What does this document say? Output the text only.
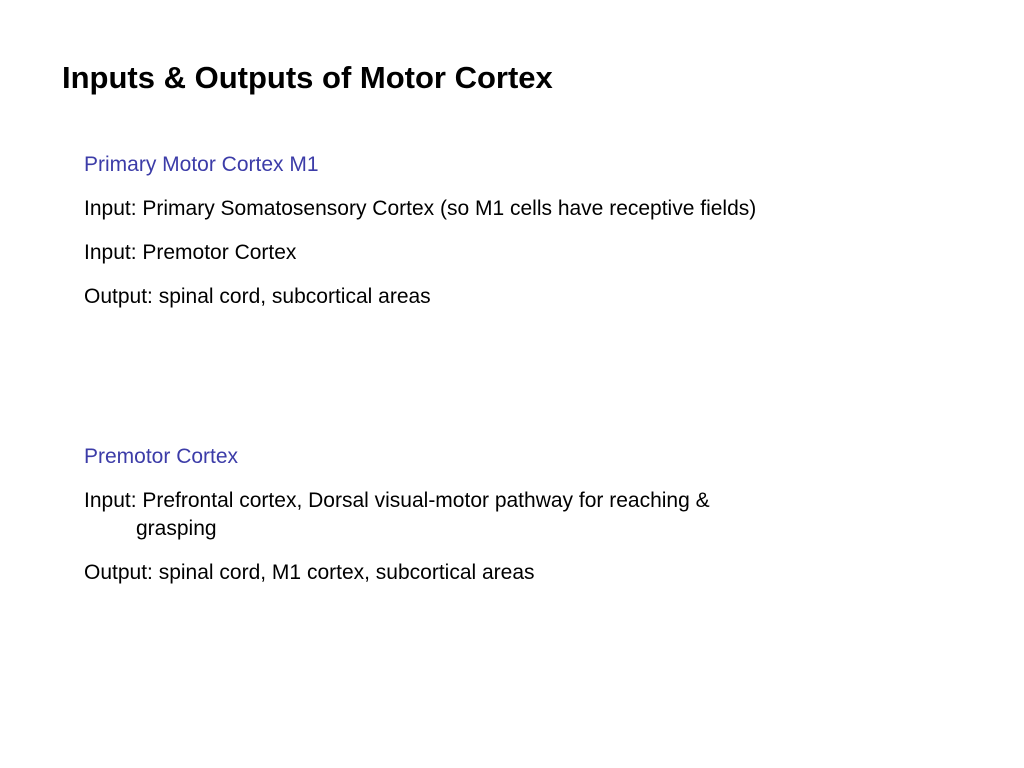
Inputs & Outputs of Motor Cortex
Primary Motor Cortex M1
Input: Primary Somatosensory Cortex (so M1 cells have receptive fields)
Input: Premotor Cortex
Output: spinal cord, subcortical areas
Premotor Cortex
Input: Prefrontal cortex, Dorsal visual-motor pathway for reaching & grasping
Output: spinal cord, M1 cortex, subcortical areas
